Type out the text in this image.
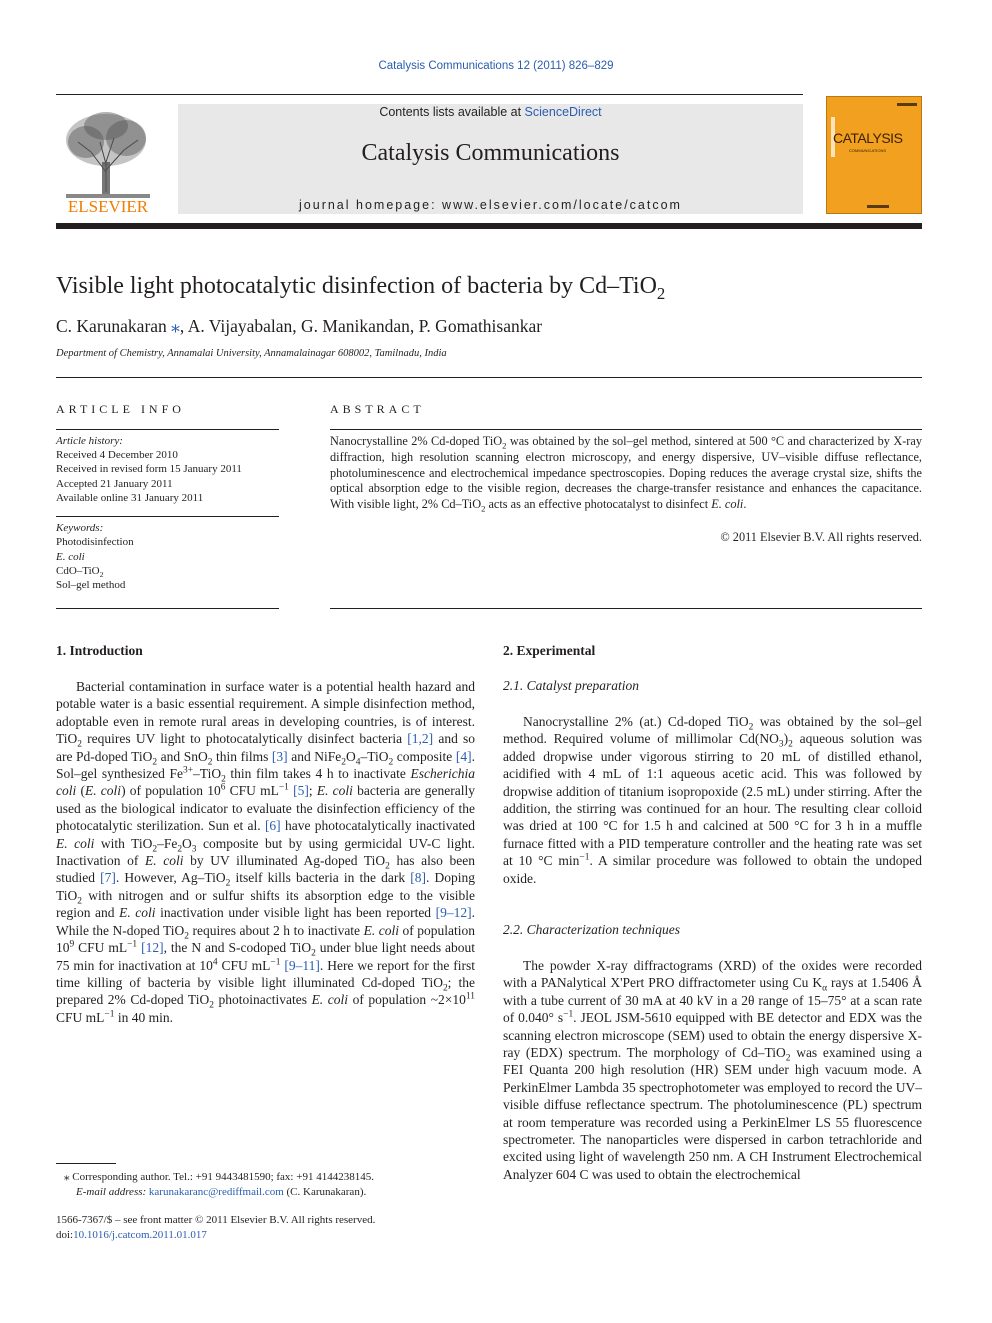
Catalysis Communications 12 (2011) 826–829
ELSEVIER
Contents lists available at ScienceDirect
Catalysis Communications
journal homepage: www.elsevier.com/locate/catcom
CATALYSIS
COMMUNICATIONS
Visible light photocatalytic disinfection of bacteria by Cd–TiO$_2$
C. Karunakaran ⁎, A. Vijayabalan, G. Manikandan, P. Gomathisankar
Department of Chemistry, Annamalai University, Annamalainagar 608002, Tamilnadu, India
ARTICLE INFO	ABSTRACT
Article history:
Received 4 December 2010
Received in revised form 15 January 2011
Accepted 21 January 2011
Available online 31 January 2011
Keywords:
Photodisinfection
E. coli
CdO–TiO$_2$
Sol–gel method
Nanocrystalline 2% Cd-doped TiO$_2$ was obtained by the sol–gel method, sintered at 500 °C and characterized by X-ray diffraction, high resolution scanning electron microscopy, and energy dispersive, UV–visible diffuse reflectance, photoluminescence and electrochemical impedance spectroscopies. Doping reduces the average crystal size, shifts the optical absorption edge to the visible region, decreases the charge-transfer resistance and enhances the capacitance. With visible light, 2% Cd–TiO$_2$ acts as an effective photocatalyst to disinfect E. coli.
© 2011 Elsevier B.V. All rights reserved.
1. Introduction

Bacterial contamination in surface water is a potential health hazard and potable water is a basic essential requirement. A simple disinfection method, adoptable even in remote rural areas in developing countries, is of interest. TiO$_2$ requires UV light to photocatalytically disinfect bacteria [1,2] and so are Pd-doped TiO$_2$ and SnO$_2$ thin films [3] and $NiFe_2O_4-TiO_2$ composite [4]. Sol–gel synthesized $Fe^{3+}-TiO_2$ thin film takes 4 h to inactivate Escherichia coli (E. coli) of population $10^6$ CFU $mL^{-1}$ [5]; E. coli bacteria are generally used as the biological indicator to evaluate the disinfection efficiency of the photocatalytic sterilization. Sun et al. [6] have photocatalytically inactivated E. coli with $TiO_2-Fe_2O_3$ composite but by using germicidal UV-C light. Inactivation of E. coli by UV illuminated Ag-doped TiO$_2$ has also been studied [7]. However, Ag–TiO$_2$ itself kills bacteria in the dark [8]. Doping TiO$_2$ with nitrogen and or sulfur shifts its absorption edge to the visible region and E. coli inactivation under visible light has been reported [9–12]. While the N-doped TiO$_2$ requires about 2 h to inactivate E. coli of population $10^9$ CFU $mL^{-1}$ [12], the N and S-codoped TiO$_2$ under blue light needs about 75 min for inactivation at $10^4$ CFU $mL^{-1}$ [9–11]. Here we report for the first time killing of bacteria by visible light illuminated Cd-doped TiO$_2$; the prepared 2% Cd-doped TiO$_2$ photoinactivates E. coli of population $\sim 2\times 10^{11}$ CFU $mL^{-1}$ in 40 min.

2. Experimental
2.1. Catalyst preparation

Nanocrystalline 2% (at.) Cd-doped TiO$_2$ was obtained by the sol–gel method. Required volume of millimolar $Cd(NO_3)_2$ aqueous solution was added dropwise under vigorous stirring to 20 mL of distilled ethanol, acidified with 4 mL of 1:1 aqueous acetic acid. This was followed by dropwise addition of titanium isopropoxide (2.5 mL) under stirring. After the addition, the stirring was continued for an hour. The resulting clear colloid was dried at 100 °C for 1.5 h and calcined at 500 °C for 3 h in a muffle furnace fitted with a PID temperature controller and the heating rate was set at 10 °C $\min^{-1}$. A similar procedure was followed to obtain the undoped oxide.

2.2. Characterization techniques

The powder X-ray diffractograms (XRD) of the oxides were recorded with a PANalytical X'Pert PRO diffractometer using Cu $K_\alpha$ rays at 1.5406 Å with a tube current of 30 mA at 40 kV in a 2θ range of 15–75° at a scan rate of 0.040° $s^{-1}$. JEOL JSM-5610 equipped with BE detector and EDX was the scanning electron microscope (SEM) used to obtain the energy dispersive X-ray (EDX) spectrum. The morphology of Cd–TiO$_2$ was examined using a FEI Quanta 200 high resolution (HR) SEM under high vacuum mode. A PerkinElmer Lambda 35 spectrophotometer was employed to record the UV–visible diffuse reflectance spectrum. The photoluminescence (PL) spectrum at room temperature was recorded using a PerkinElmer LS 55 fluorescence spectrometer. The nanoparticles were dispersed in carbon tetrachloride and excited using light of wavelength 250 nm. A CH Instrument Electrochemical Analyzer 604 C was used to obtain the electrochemical

⁎ Corresponding author. Tel.: +91 9443481590; fax: +91 4144238145.
E-mail address: karunakaranc@rediffmail.com (C. Karunakaran).
1566-7367/$ – see front matter © 2011 Elsevier B.V. All rights reserved.
doi:10.1016/j.catcom.2011.01.017
